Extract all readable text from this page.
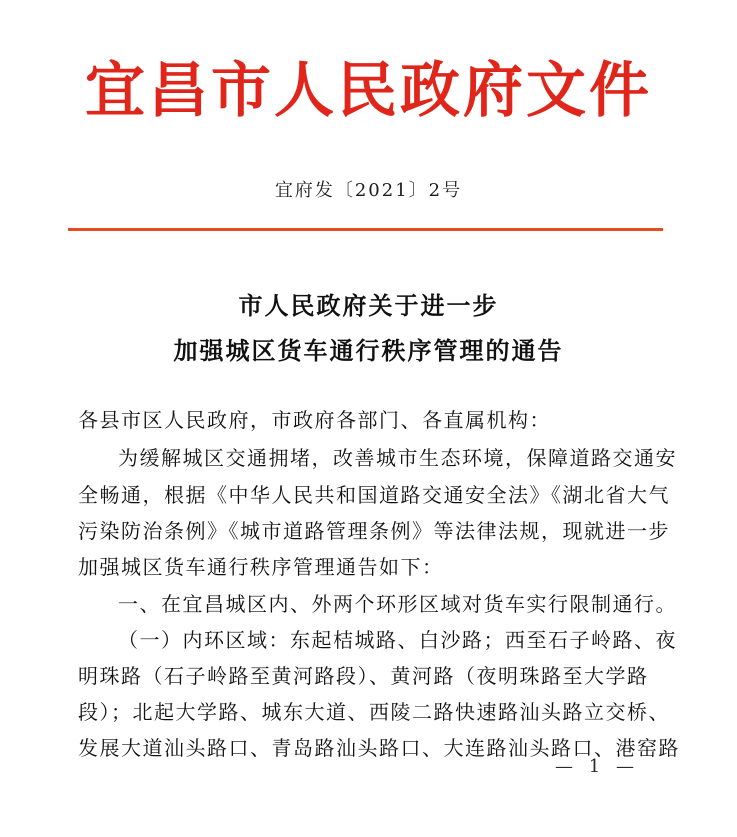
宜昌市人民政府文件
宜府发〔2021〕2号
市人民政府关于进一步
加强城区货车通行秩序管理的通告
各县市区人民政府，市政府各部门、各直属机构：
为缓解城区交通拥堵，改善城市生态环境，保障道路交通安
全畅通，根据《中华人民共和国道路交通安全法》《湖北省大气
污染防治条例》《城市道路管理条例》等法律法规，现就进一步
加强城区货车通行秩序管理通告如下：
一、在宜昌城区内、外两个环形区域对货车实行限制通行。
（一）内环区域：东起桔城路、白沙路；西至石子岭路、夜
明珠路（石子岭路至黄河路段）、黄河路（夜明珠路至大学路
段）；北起大学路、城东大道、西陵二路快速路汕头路立交桥、
发展大道汕头路口、青岛路汕头路口、大连路汕头路口、港窑路
— 1 —
